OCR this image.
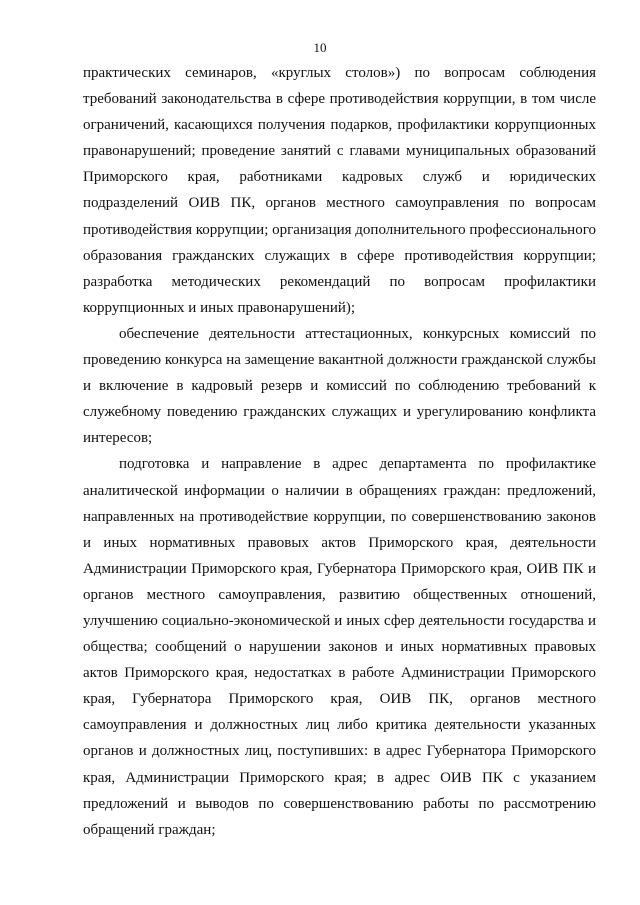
10

практических семинаров, «круглых столов») по вопросам соблюдения требований законодательства в сфере противодействия коррупции, в том числе ограничений, касающихся получения подарков, профилактики коррупционных правонарушений; проведение занятий с главами муниципальных образований Приморского края, работниками кадровых служб и юридических подразделений ОИВ ПК, органов местного самоуправления по вопросам противодействия коррупции; организация дополнительного профессионального образования гражданских служащих в сфере противодействия коррупции; разработка методических рекомендаций по вопросам профилактики коррупционных и иных правонарушений);

обеспечение деятельности аттестационных, конкурсных комиссий по проведению конкурса на замещение вакантной должности гражданской службы и включение в кадровый резерв и комиссий по соблюдению требований к служебному поведению гражданских служащих и урегулированию конфликта интересов;

подготовка и направление в адрес департамента по профилактике аналитической информации о наличии в обращениях граждан: предложений, направленных на противодействие коррупции, по совершенствованию законов и иных нормативных правовых актов Приморского края, деятельности Администрации Приморского края, Губернатора Приморского края, ОИВ ПК и органов местного самоуправления, развитию общественных отношений, улучшению социально-экономической и иных сфер деятельности государства и общества; сообщений о нарушении законов и иных нормативных правовых актов Приморского края, недостатках в работе Администрации Приморского края, Губернатора Приморского края, ОИВ ПК, органов местного самоуправления и должностных лиц либо критика деятельности указанных органов и должностных лиц, поступивших: в адрес Губернатора Приморского края, Администрации Приморского края; в адрес ОИВ ПК с указанием предложений и выводов по совершенствованию работы по рассмотрению обращений граждан;
